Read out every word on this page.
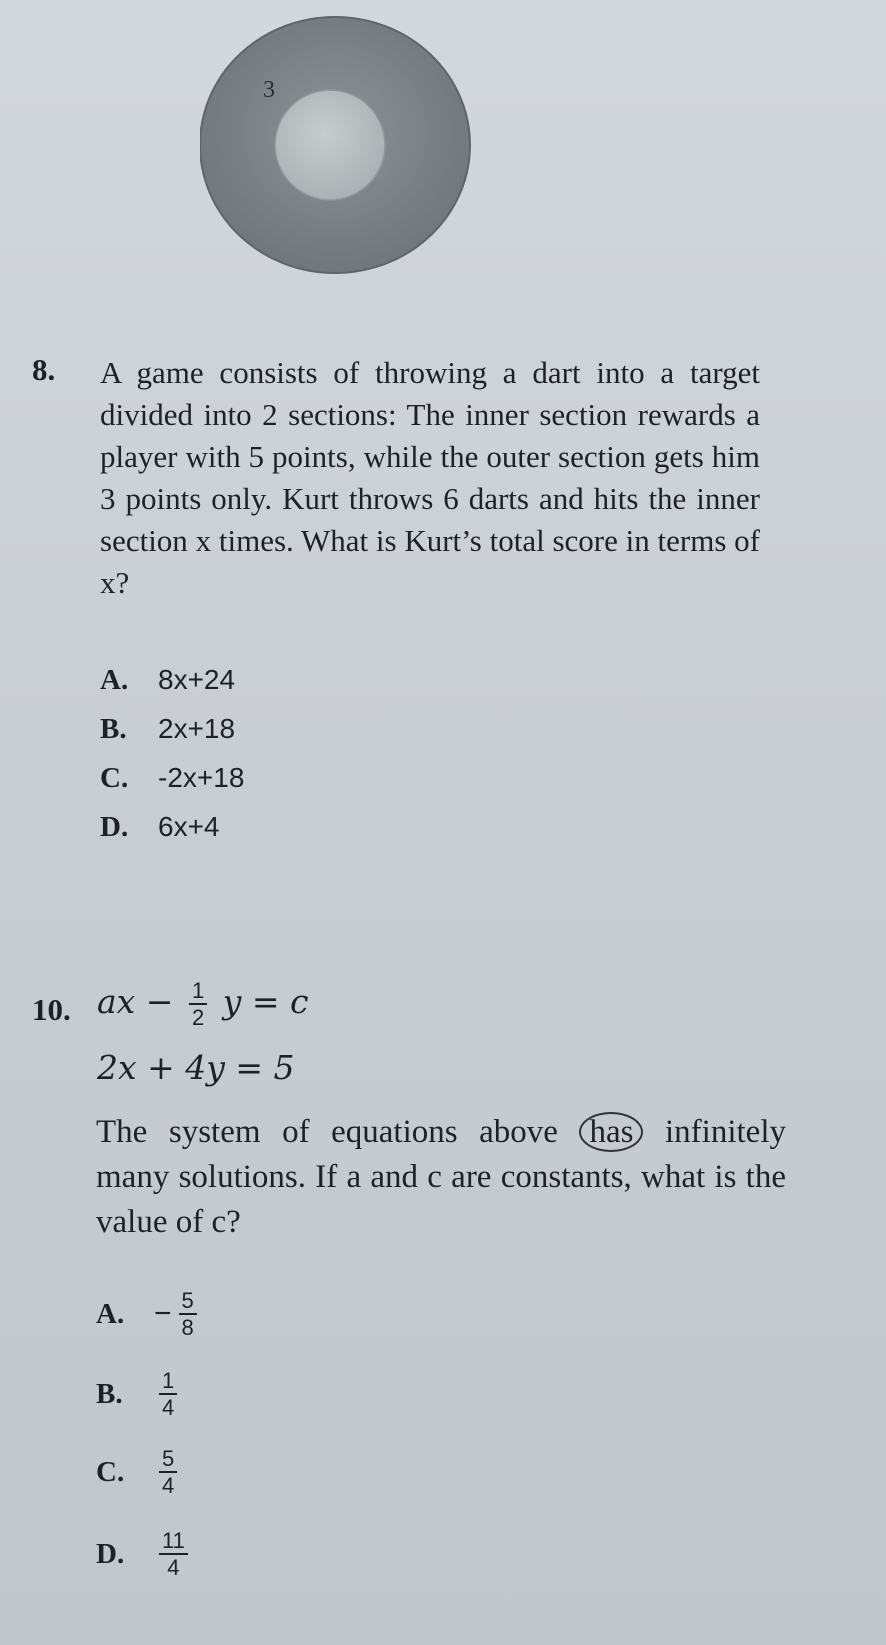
3
8. A game consists of throwing a dart into a target divided into 2 sections: The inner section rewards a player with 5 points, while the outer section gets him 3 points only. Kurt throws 6 darts and hits the inner section x times. What is Kurt’s total score in terms of x?
A.	8x+24
B.	2x+18
C.	-2x+18
D.	6x+4
10. ax − $\frac{1}{2}$ y = c
2x + 4y = 5
The system of equations above has infinitely many solutions. If a and c are constants, what is the value of c?
A. − $\frac{5}{8}$
B.	$\frac{1}{4}$
C.	$\frac{5}{4}$
D.	$\frac{11}{4}$
